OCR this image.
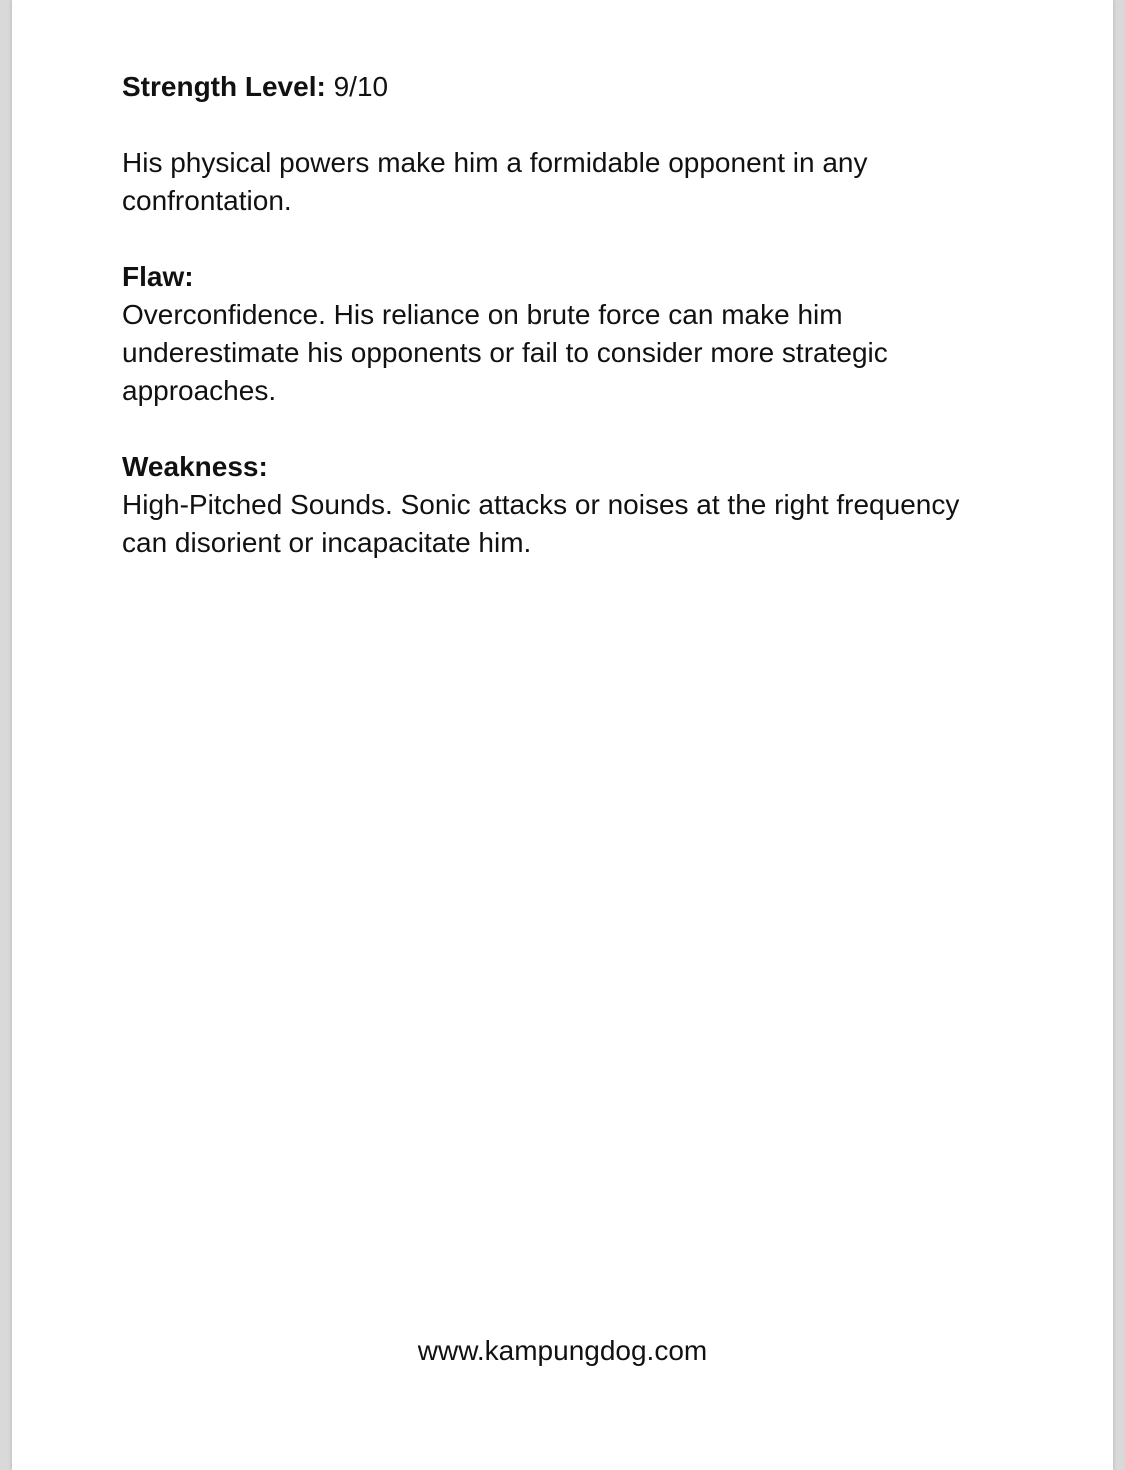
Strength Level: 9/10

His physical powers make him a formidable opponent in any confrontation.

Flaw:

Overconfidence. His reliance on brute force can make him underestimate his opponents or fail to consider more strategic approaches.

Weakness:

High-Pitched Sounds. Sonic attacks or noises at the right frequency can disorient or incapacitate him.

www.kampungdog.com
